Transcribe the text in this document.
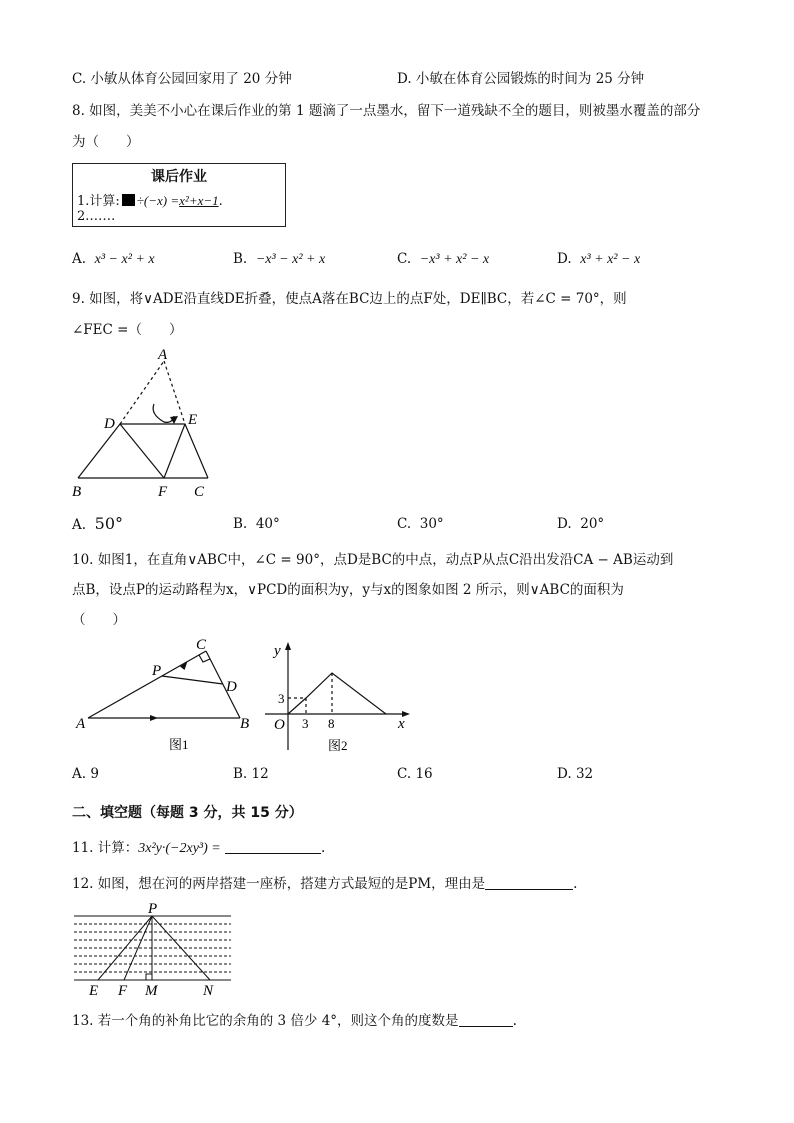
C. 小敏从体育公园回家用了 20 分钟	D. 小敏在体育公园锻炼的时间为 25 分钟
8. 如图，美美不小心在课后作业的第 1 题滴了一点墨水，留下一道残缺不全的题目，则被墨水覆盖的部分
为（　　）
课后作业
1.计算: ÷(−x) =x²+x−1.
2.……
A. x³ − x² + x	B. −x³ − x² + x	C. −x³ + x² − x	D. x³ + x² − x
9. 如图，将∨ADE沿直线DE折叠，使点A落在BC边上的点F处，DE∥BC，若∠C = 70°，则
∠FEC =（　　）
A
D	E
B	F C
A. 50°	B. 40°	C. 30°	D. 20°
10. 如图1，在直角∨ABC中，∠C = 90°，点D是BC的中点，动点P从点C沿出发沿CA − AB运动到
点B，设点P的运动路程为x，∨PCD的面积为y，y与x的图象如图 2 所示，则∨ABC的面积为
（　　）
A	B
C
D
P
图1
y
x
O 3 8
3
图2
A. 9	B. 12	C. 16	D. 32
二、填空题（每题 3 分，共 15 分）
11. 计算：3x²y·(−2xy³) =	.
12. 如图，想在河的两岸搭建一座桥，搭建方式最短的是PM，理由是	.
P
E F M	N
13. 若一个角的补角比它的余角的 3 倍少 4°，则这个角的度数是	.
